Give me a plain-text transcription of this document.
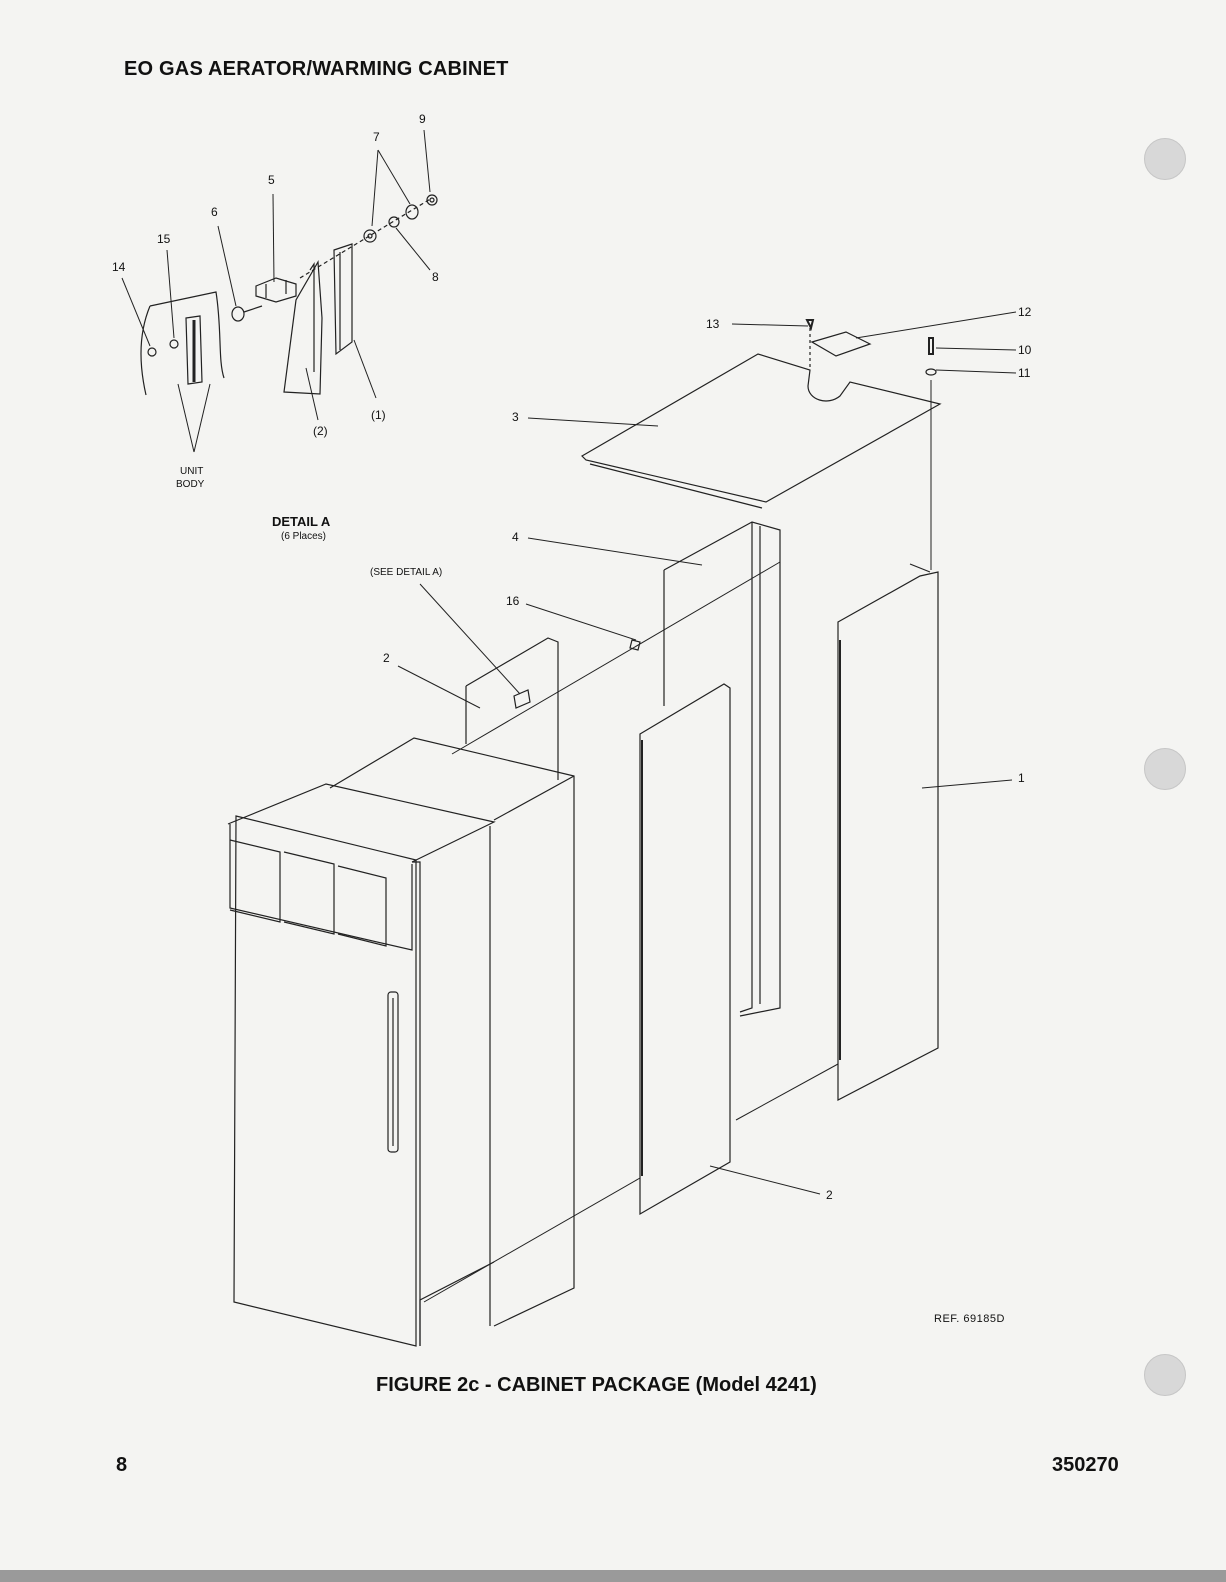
EO GAS AERATOR/WARMING CABINET
14
15
6
5
7
9
8
(2)
(1)
UNIT
BODY
DETAIL A
(6 Places)
(SEE DETAIL A)
13
12
10
11
3
4
16
2
1
2
REF. 69185D
FIGURE 2c - CABINET PACKAGE (Model 4241)
8	350270
